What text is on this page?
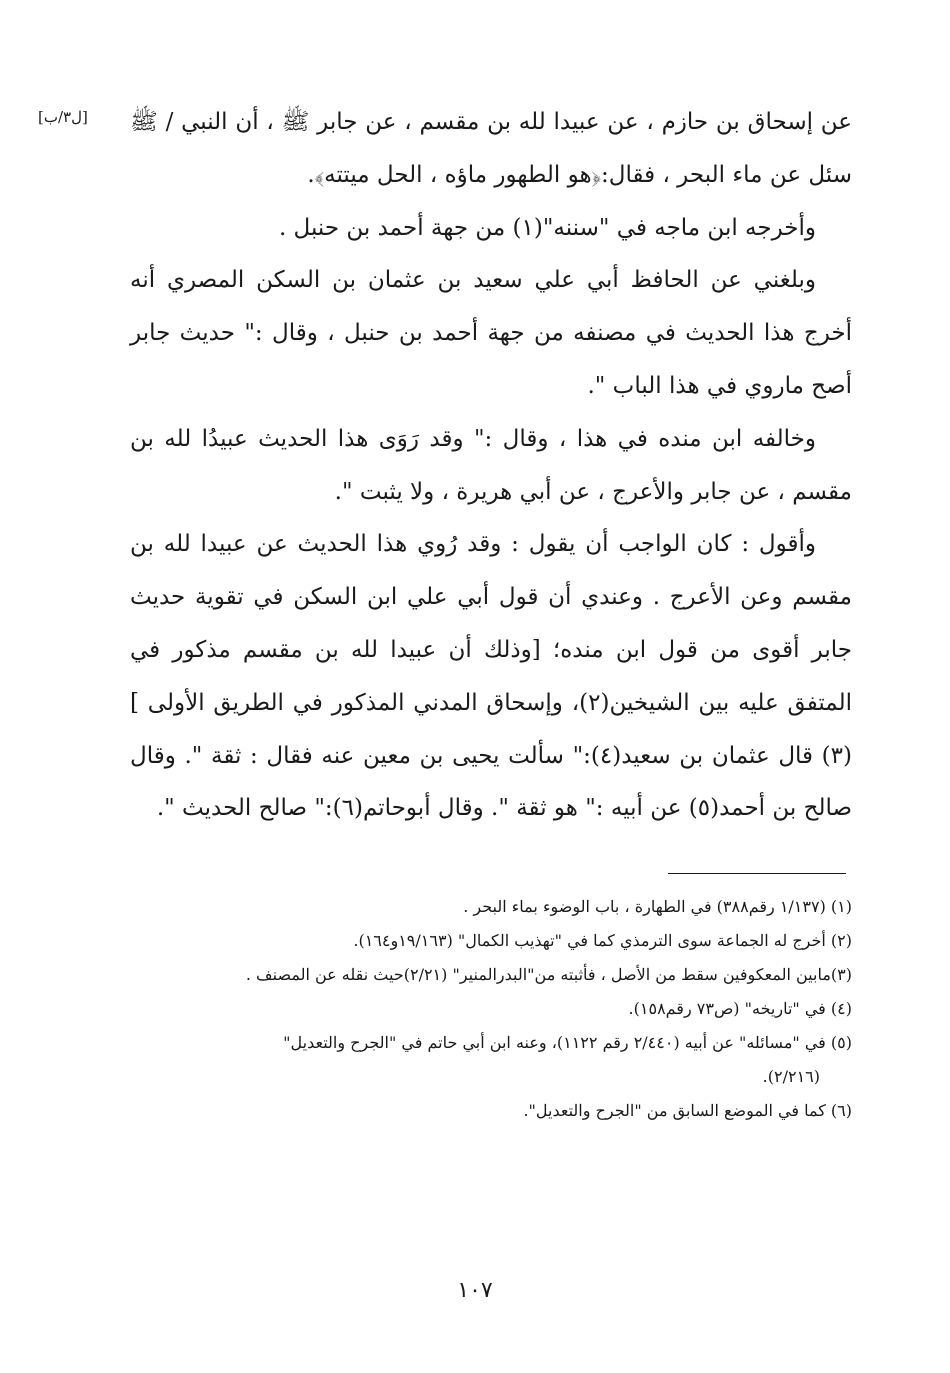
[ل٣/ب] عن إسحاق بن حازم ، عن عبيدا لله بن مقسم ، عن جابر ﷺ ، أن النبي / ﷺ سئل عن ماء البحر ، فقال:﴿هو الطهور ماؤه ، الحل ميتته﴾.

وأخرجه ابن ماجه في "سننه"(١) من جهة أحمد بن حنبل .

وبلغني عن الحافظ أبي علي سعيد بن عثمان بن السكن المصري أنه أخرج هذا الحديث في مصنفه من جهة أحمد بن حنبل ، وقال :" حديث جابر أصح ماروي في هذا الباب ".

وخالفه ابن منده في هذا ، وقال :" وقد رَوَى هذا الحديث عبيدُا لله بن مقسم ، عن جابر والأعرج ، عن أبي هريرة ، ولا يثبت ".

وأقول : كان الواجب أن يقول : وقد رُوي هذا الحديث عن عبيدا لله بن مقسم وعن الأعرج . وعندي أن قول أبي علي ابن السكن في تقوية حديث جابر أقوى من قول ابن منده؛ [وذلك أن عبيدا لله بن مقسم مذكور في المتفق عليه بين الشيخين(٢)، وإسحاق المدني المذكور في الطريق الأولى ](٣) قال عثمان بن سعيد(٤):" سألت يحيى بن معين عنه فقال : ثقة ". وقال صالح بن أحمد(٥) عن أبيه :" هو ثقة ". وقال أبوحاتم(٦):" صالح الحديث ".

(١) (١/١٣٧ رقم٣٨٨) في الطهارة ، باب الوضوء بماء البحر .

(٢) أخرج له الجماعة سوى الترمذي كما في "تهذيب الكمال" (١٩/١٦٣و١٦٤).

(٣)مابين المعكوفين سقط من الأصل ، فأثبته من"البدرالمنير" (٢/٢١)حيث نقله عن المصنف .

(٤) في "تاريخه" (ص٧٣ رقم١٥٨).

(٥) في "مسائله" عن أبيه (٢/٤٤٠ رقم ١١٢٢)، وعنه ابن أبي حاتم في "الجرح والتعديل"

(٢/٢١٦).

(٦) كما في الموضع السابق من "الجرح والتعديل".

١٠٧
